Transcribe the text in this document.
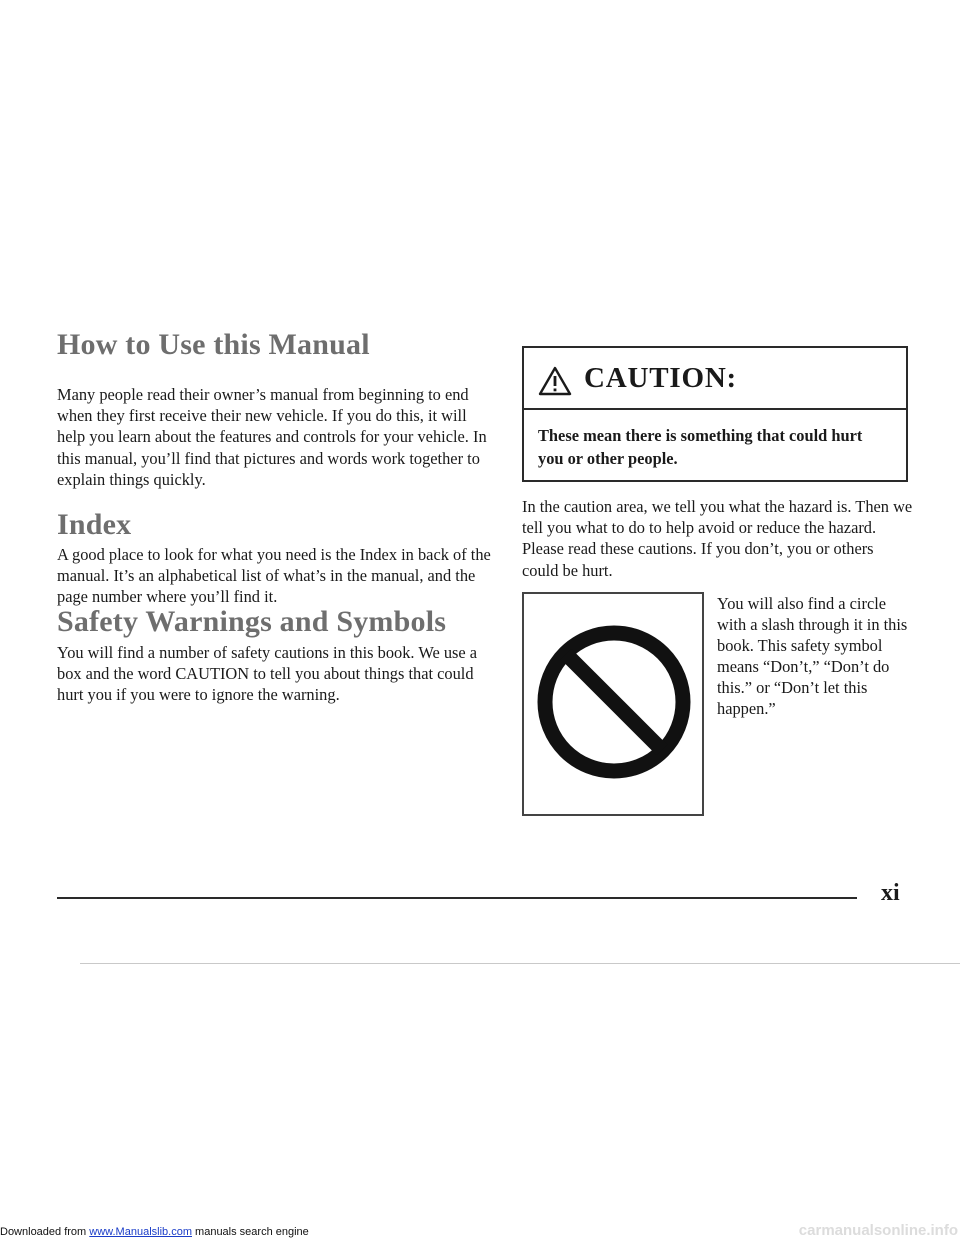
How to Use this Manual

Many people read their owner’s manual from beginning to end when they first receive their new vehicle. If you do this, it will help you learn about the features and controls for your vehicle. In this manual, you’ll find that pictures and words work together to explain things quickly.

Index

A good place to look for what you need is the Index in back of the manual. It’s an alphabetical list of what’s in the manual, and the page number where you’ll find it.

Safety Warnings and Symbols

You will find a number of safety cautions in this book. We use a box and the word CAUTION to tell you about things that could hurt you if you were to ignore the warning.

CAUTION:
These mean there is something that could hurt you or other people.

In the caution area, we tell you what the hazard is. Then we tell you what to do to help avoid or reduce the hazard. Please read these cautions. If you don’t, you or others could be hurt.

You will also find a circle with a slash through it in this book. This safety symbol means “Don’t,” “Don’t do this.” or “Don’t let this happen.”

xi
Downloaded from www.Manualslib.com manuals search engine	carmanualsonline.info
